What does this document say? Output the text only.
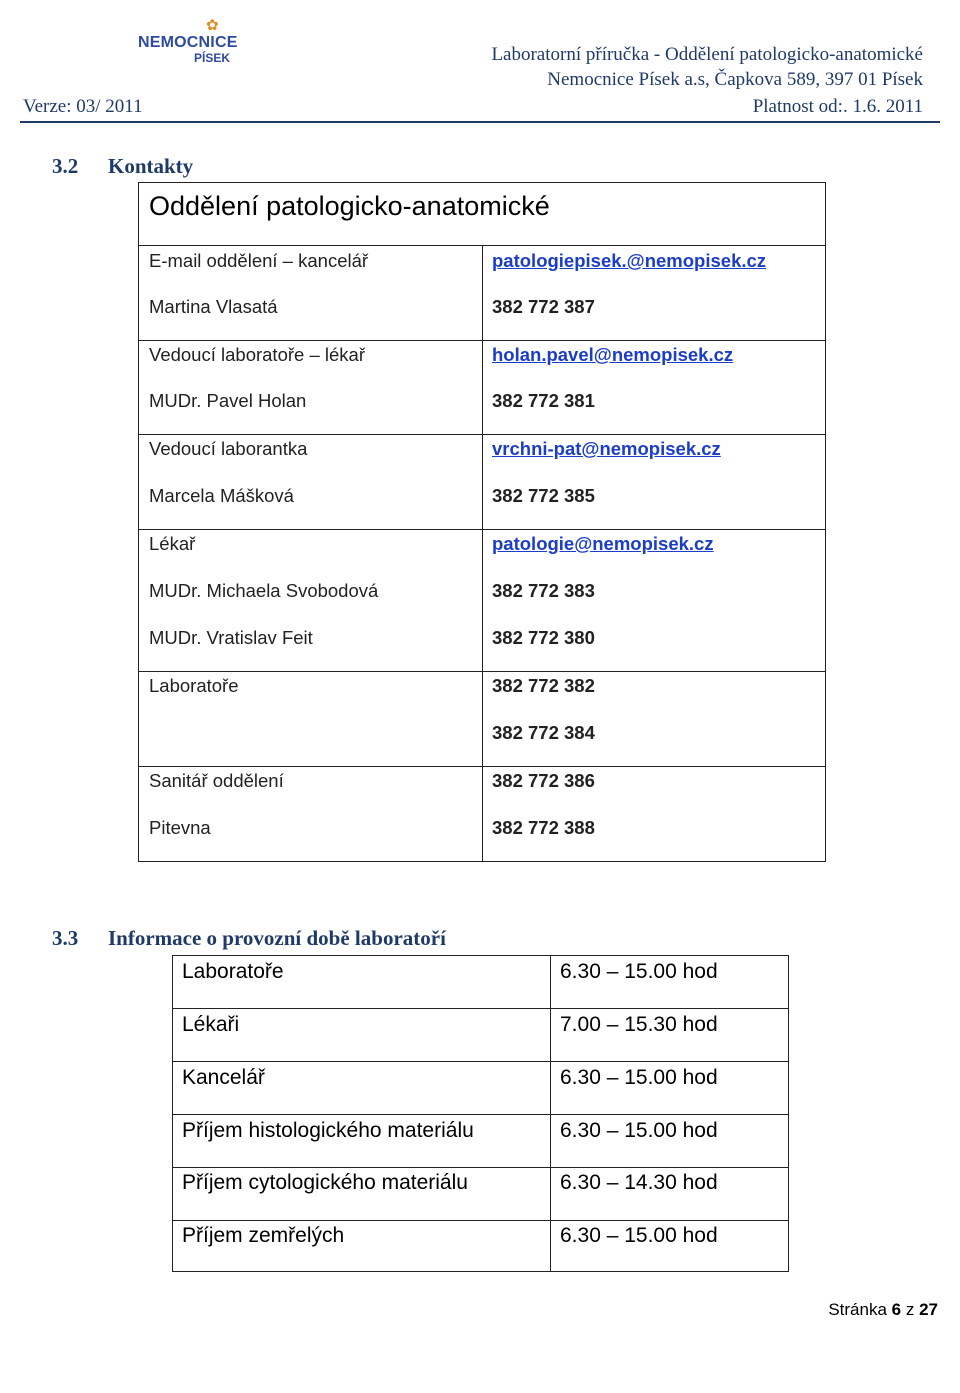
✿
NEMOCNICE
PÍSEK	Laboratorní příručka - Oddělení patologicko-anatomické
Nemocnice Písek a.s, Čapkova 589, 397 01 Písek
Verze: 03/ 2011	Platnost od:. 1.6. 2011
3.2 Kontakty
Oddělení patologicko-anatomické
E-mail oddělení – kancelář	patologiepisek.@nemopisek.cz
Martina Vlasatá	382 772 387
Vedoucí laboratoře – lékař	holan.pavel@nemopisek.cz
MUDr. Pavel Holan	382 772 381
Vedoucí laborantka	vrchni-pat@nemopisek.cz
Marcela Mášková	382 772 385
Lékař	patologie@nemopisek.cz
MUDr. Michaela Svobodová	382 772 383
MUDr. Vratislav Feit	382 772 380
Laboratoře	382 772 382
382 772 384
Sanitář oddělení	382 772 386
Pitevna	382 772 388
3.3 Informace o provozní době laboratoří
Laboratoře	6.30 – 15.00 hod
Lékaři	7.00 – 15.30 hod
Kancelář	6.30 – 15.00 hod
Příjem histologického materiálu	6.30 – 15.00 hod
Příjem cytologického materiálu	6.30 – 14.30 hod
Příjem zemřelých	6.30 – 15.00 hod
Stránka 6 z 27
